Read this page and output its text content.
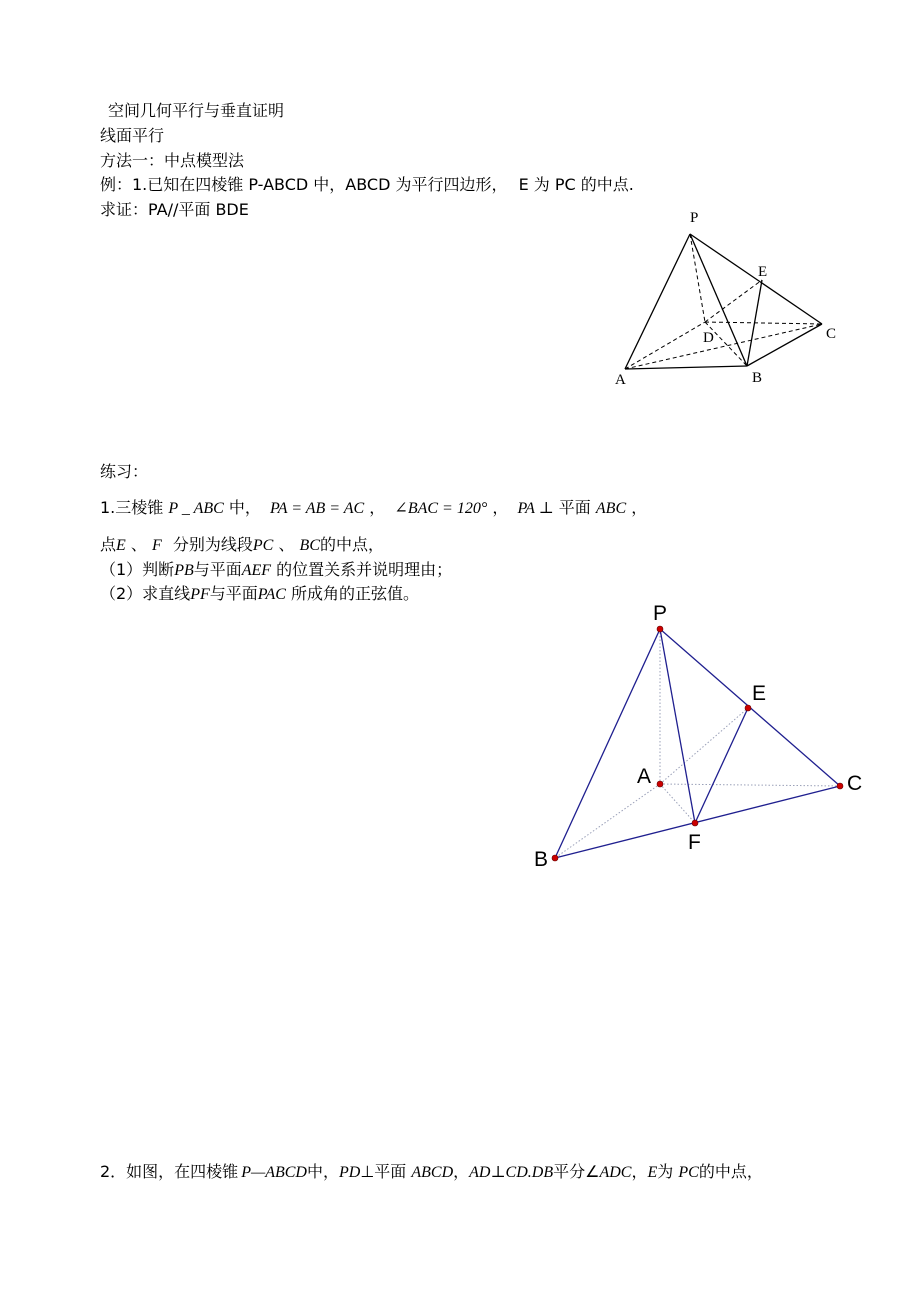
空间几何平行与垂直证明
线面平行
方法一：中点模型法
例：1.已知在四棱锥 P-ABCD 中，ABCD 为平行四边形， E 为 PC 的中点.
求证：PA//平面 BDE	P
E
D	C
A	B
练习：
1.三棱锥 P _ ABC 中， PA = AB = AC ， ∠BAC = 120° ， PA ⊥ 平面 ABC ，
点E 、 F 分别为线段PC 、 BC的中点，
（1）判断PB与平面AEF 的位置关系并说明理由；
（2）求直线PF与平面PAC 所成角的正弦值。
P
E
A	C
F
B
2．如图，在四棱锥 P—ABCD中，PD⊥平面 ABCD，AD⊥CD.DB平分∠ADC，E为 PC的中点，
